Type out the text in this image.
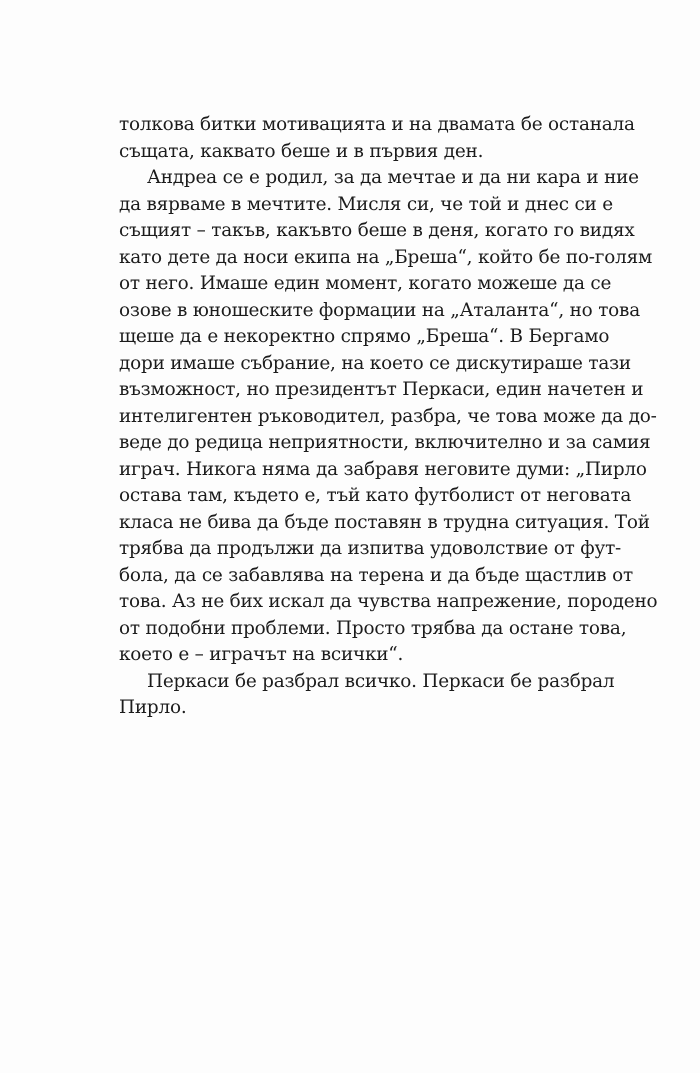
толкова битки мотивацията и на двамата бе останала
същата, каквато беше и в първия ден.
Андреа се е родил, за да мечтае и да ни кара и ние
да вярваме в мечтите. Мисля си, че той и днес си е
същият – такъв, какъвто беше в деня, когато го видях
като дете да носи екипа на „Бреша“, който бе по-голям
от него. Имаше един момент, когато можеше да се
озове в юношеските формации на „Аталанта“, но това
щеше да е некоректно спрямо „Бреша“. В Бергамо
дори имаше събрание, на което се дискутираше тази
възможност, но президентът Перкаси, един начетен и
интелигентен ръководител, разбра, че това може да до-
веде до редица неприятности, включително и за самия
играч. Никога няма да забравя неговите думи: „Пирло
остава там, където е, тъй като футболист от неговата
класа не бива да бъде поставян в трудна ситуация. Той
трябва да продължи да изпитва удоволствие от фут-
бола, да се забавлява на терена и да бъде щастлив от
това. Аз не бих искал да чувства напрежение, породено
от подобни проблеми. Просто трябва да остане това,
което е – играчът на всички“.
Перкаси бе разбрал всичко. Перкаси бе разбрал
Пирло.
